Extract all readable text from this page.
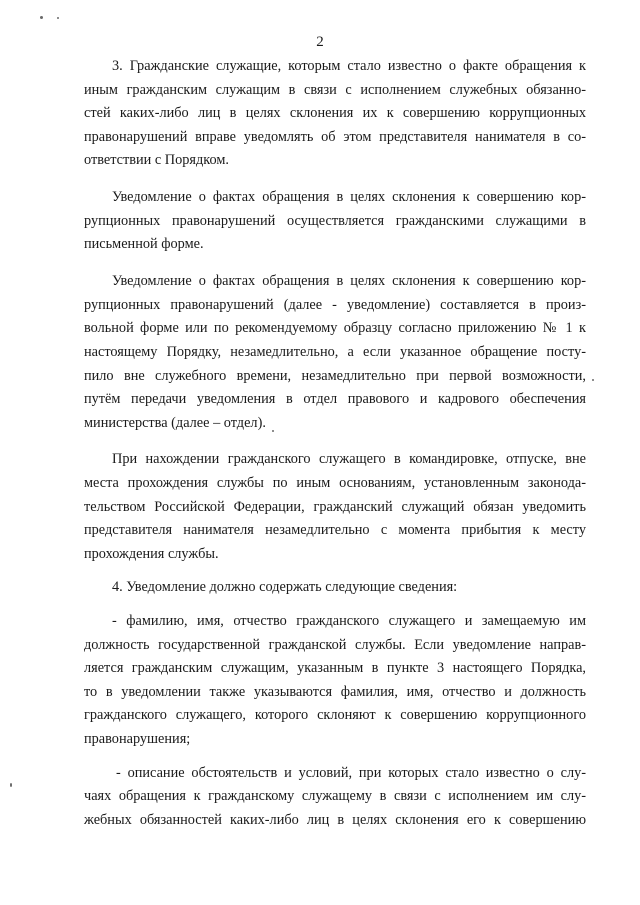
2
3. Гражданские служащие, которым стало известно о факте обращения к
иным гражданским служащим в связи с исполнением служебных обязанно-
стей каких-либо лиц в целях склонения их к совершению коррупционных
правонарушений вправе уведомлять об этом представителя нанимателя в со-
ответствии с Порядком.
Уведомление о фактах обращения в целях склонения к совершению кор-
рупционных правонарушений осуществляется гражданскими служащими в
письменной форме.
Уведомление о фактах обращения в целях склонения к совершению кор-
рупционных правонарушений (далее - уведомление) составляется в произ-
вольной форме или по рекомендуемому образцу согласно приложению № 1 к
настоящему Порядку, незамедлительно, а если указанное обращение посту-
пило вне служебного времени, незамедлительно при первой возможности,
путём передачи уведомления в отдел правового и кадрового обеспечения
министерства (далее – отдел).
При нахождении гражданского служащего в командировке, отпуске, вне
места прохождения службы по иным основаниям, установленным законода-
тельством Российской Федерации, гражданский служащий обязан уведомить
представителя нанимателя незамедлительно с момента прибытия к месту
прохождения службы.
4. Уведомление должно содержать следующие сведения:
- фамилию, имя, отчество гражданского служащего и замещаемую им
должность государственной гражданской службы. Если уведомление направ-
ляется гражданским служащим, указанным в пункте 3 настоящего Порядка,
то в уведомлении также указываются фамилия, имя, отчество и должность
гражданского служащего, которого склоняют к совершению коррупционного
правонарушения;
- описание обстоятельств и условий, при которых стало известно о слу-
чаях обращения к гражданскому служащему в связи с исполнением им слу-
жебных обязанностей каких-либо лиц в целях склонения его к совершению
